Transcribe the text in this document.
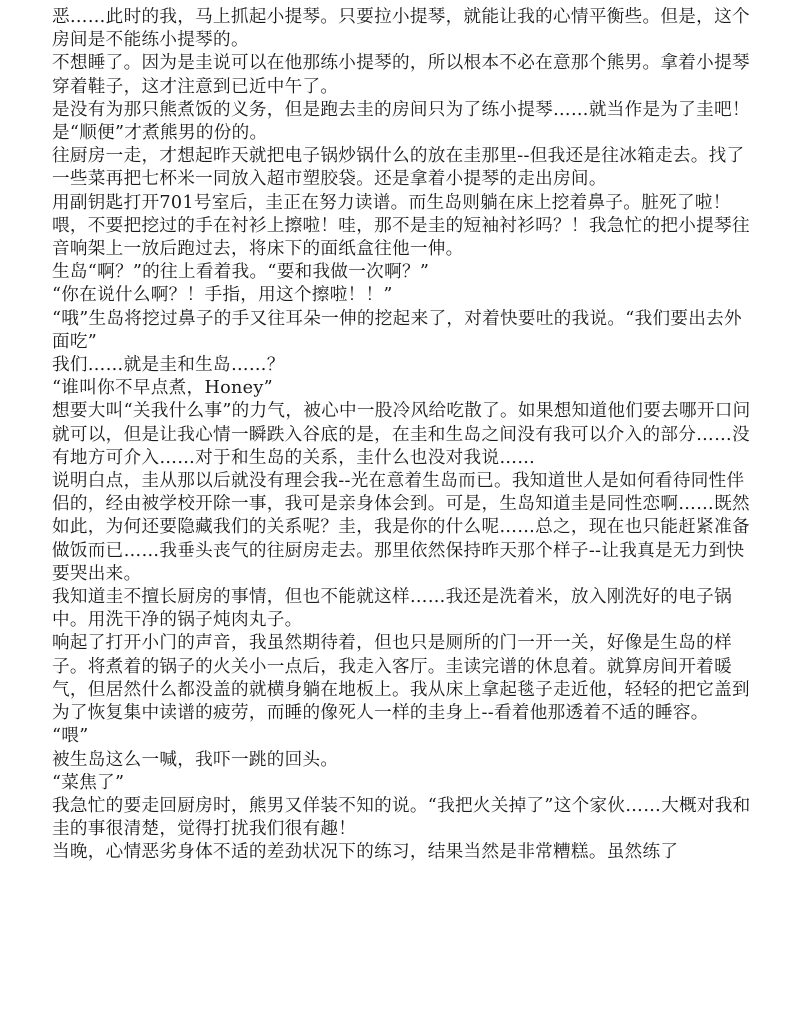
恶……此时的我，马上抓起小提琴。只要拉小提琴，就能让我的心情平衡些。但是，这个房间是不能练小提琴的。

不想睡了。因为是圭说可以在他那练小提琴的，所以根本不必在意那个熊男。拿着小提琴穿着鞋子，这才注意到已近中午了。

是没有为那只熊煮饭的义务，但是跑去圭的房间只为了练小提琴……就当作是为了圭吧！是“顺便”才煮熊男的份的。

往厨房一走，才想起昨天就把电子锅炒锅什么的放在圭那里--但我还是往冰箱走去。找了一些菜再把七杯米一同放入超市塑胶袋。还是拿着小提琴的走出房间。

用副钥匙打开701号室后，圭正在努力读谱。而生岛则躺在床上挖着鼻子。脏死了啦！喂，不要把挖过的手在衬衫上擦啦！哇，那不是圭的短袖衬衫吗？！我急忙的把小提琴往音响架上一放后跑过去，将床下的面纸盒往他一伸。

生岛“啊？”的往上看着我。“要和我做一次啊？”

“你在说什么啊？！手指，用这个擦啦！！”

“哦”生岛将挖过鼻子的手又往耳朵一伸的挖起来了，对着快要吐的我说。“我们要出去外面吃”

我们……就是圭和生岛……？

“谁叫你不早点煮，Honey”

想要大叫“关我什么事”的力气，被心中一股冷风给吃散了。如果想知道他们要去哪开口问就可以，但是让我心情一瞬跌入谷底的是，在圭和生岛之间没有我可以介入的部分……没有地方可介入……对于和生岛的关系，圭什么也没对我说……

说明白点，圭从那以后就没有理会我--光在意着生岛而已。我知道世人是如何看待同性伴侣的，经由被学校开除一事，我可是亲身体会到。可是，生岛知道圭是同性恋啊……既然如此，为何还要隐藏我们的关系呢？圭，我是你的什么呢……总之，现在也只能赶紧准备做饭而已……我垂头丧气的往厨房走去。那里依然保持昨天那个样子--让我真是无力到快要哭出来。

我知道圭不擅长厨房的事情，但也不能就这样……我还是洗着米，放入刚洗好的电子锅中。用洗干净的锅子炖肉丸子。

响起了打开小门的声音，我虽然期待着，但也只是厕所的门一开一关，好像是生岛的样子。将煮着的锅子的火关小一点后，我走入客厅。圭读完谱的休息着。就算房间开着暖气，但居然什么都没盖的就横身躺在地板上。我从床上拿起毯子走近他，轻轻的把它盖到为了恢复集中读谱的疲劳，而睡的像死人一样的圭身上--看着他那透着不适的睡容。

“喂”

被生岛这么一喊，我吓一跳的回头。

“菜焦了”

我急忙的要走回厨房时，熊男又佯装不知的说。“我把火关掉了”这个家伙……大概对我和圭的事很清楚，觉得打扰我们很有趣！

当晚，心情恶劣身体不适的差劲状况下的练习，结果当然是非常糟糕。虽然练了
